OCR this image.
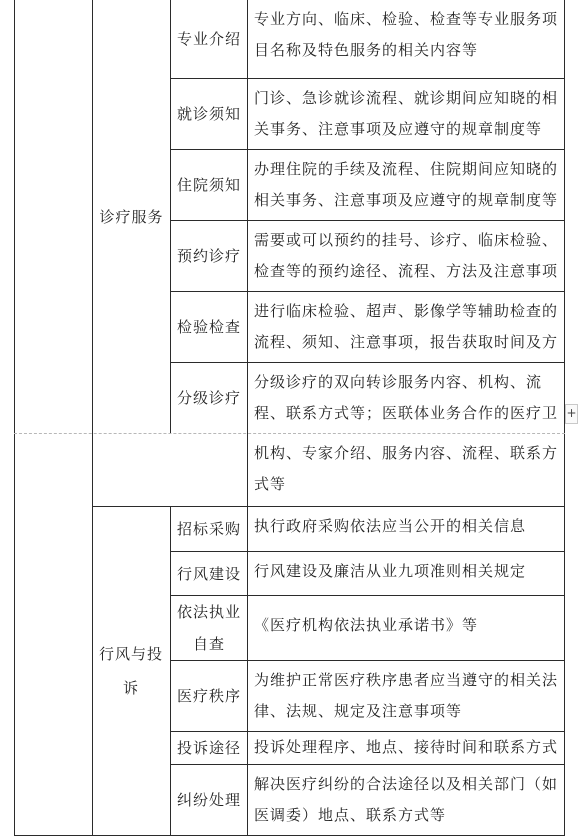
诊疗服务
专业介绍
专业方向、临床、检验、检查等专业服务项目名称及特色服务的相关内容等
就诊须知
门诊、急诊就诊流程、就诊期间应知晓的相关事务、注意事项及应遵守的规章制度等
住院须知
办理住院的手续及流程、住院期间应知晓的相关事务、注意事项及应遵守的规章制度等
预约诊疗
需要或可以预约的挂号、诊疗、临床检验、检查等的预约途径、流程、方法及注意事项
检验检查
进行临床检验、超声、影像学等辅助检查的流程、须知、注意事项，报告获取时间及方
分级诊疗
分级诊疗的双向转诊服务内容、机构、流程、联系方式等；医联体业务合作的医疗卫 +
机构、专家介绍、服务内容、流程、联系方式等
行风与投诉
招标采购 执行政府采购依法应当公开的相关信息
行风建设 行风建设及廉洁从业九项准则相关规定
依法执业自查
《医疗机构依法执业承诺书》等
医疗秩序
为维护正常医疗秩序患者应当遵守的相关法律、法规、规定及注意事项等
投诉途径 投诉处理程序、地点、接待时间和联系方式
纠纷处理
解决医疗纠纷的合法途径以及相关部门（如医调委）地点、联系方式等
